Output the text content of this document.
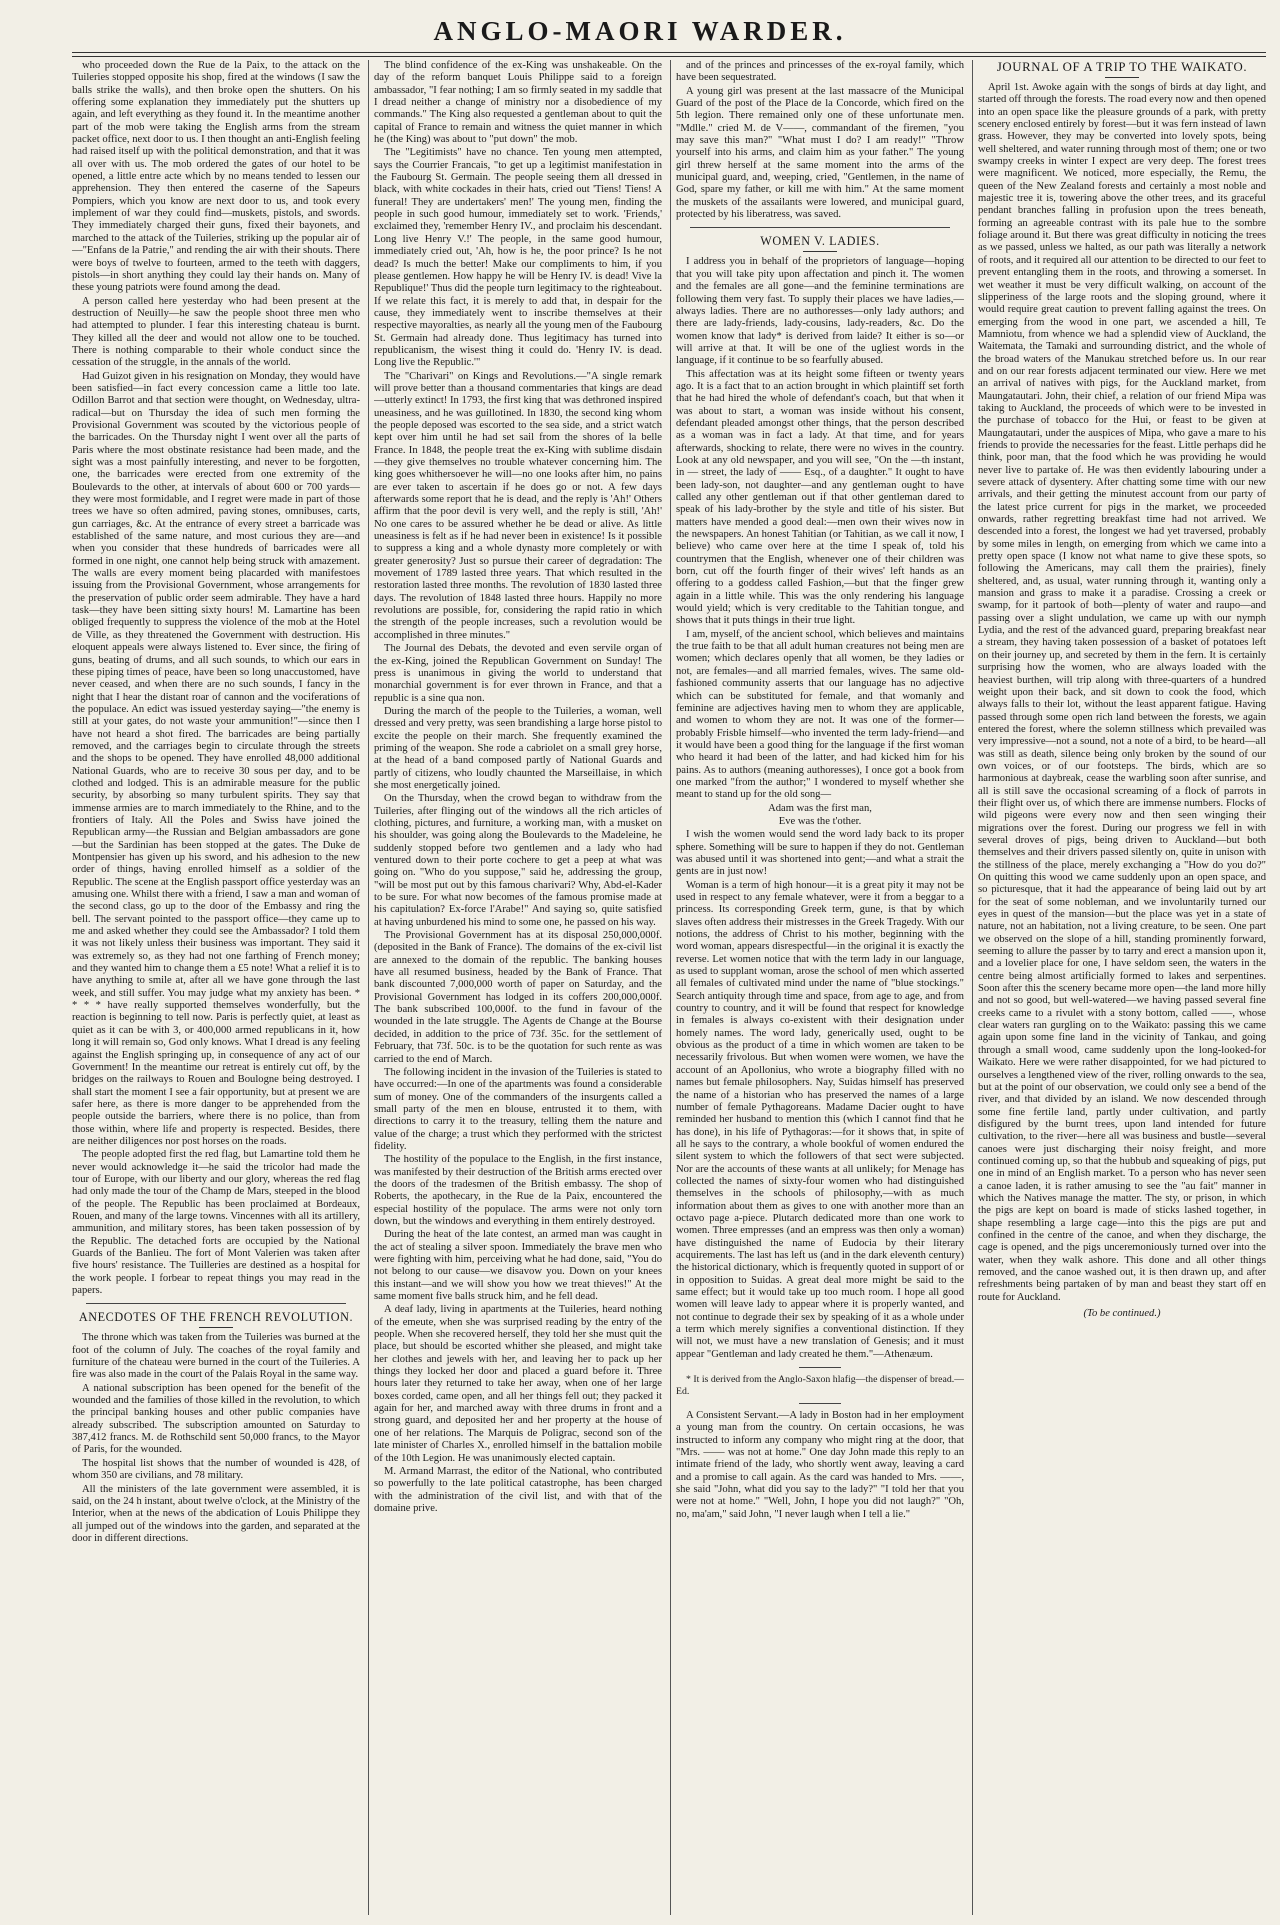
ANGLO-MAORI WARDER.

who proceeded down the Rue de la Paix, to the attack on the Tuileries stopped opposite his shop, fired at the windows (I saw the balls strike the walls), and then broke open the shutters. On his offering some explanation they immediately put the shutters up again, and left everything as they found it. In the meantime another part of the mob were taking the English arms from the stream packet office, next door to us. I then thought an anti-English feeling had raised itself up with the political demonstration, and that it was all over with us. The mob ordered the gates of our hotel to be opened, a little entre acte which by no means tended to lessen our apprehension. They then entered the caserne of the Sapeurs Pompiers, which you know are next door to us, and took every implement of war they could find—muskets, pistols, and swords. They immediately charged their guns, fixed their bayonets, and marched to the attack of the Tuileries, striking up the popular air of—"Enfans de la Patrie," and rending the air with their shouts. There were boys of twelve to fourteen, armed to the teeth with daggers, pistols—in short anything they could lay their hands on. Many of these young patriots were found among the dead.

A person called here yesterday who had been present at the destruction of Neuilly—he saw the people shoot three men who had attempted to plunder. I fear this interesting chateau is burnt. They killed all the deer and would not allow one to be touched. There is nothing comparable to their whole conduct since the cessation of the struggle, in the annals of the world.

Had Guizot given in his resignation on Monday, they would have been satisfied—in fact every concession came a little too late. Odillon Barrot and that section were thought, on Wednesday, ultra-radical—but on Thursday the idea of such men forming the Provisional Government was scouted by the victorious people of the barricades. On the Thursday night I went over all the parts of Paris where the most obstinate resistance had been made, and the sight was a most painfully interesting, and never to be forgotten, one, the barricades were erected from one extremity of the Boulevards to the other, at intervals of about 600 or 700 yards—they were most formidable, and I regret were made in part of those trees we have so often admired, paving stones, omnibuses, carts, gun carriages, &c. At the entrance of every street a barricade was established of the same nature, and most curious they are—and when you consider that these hundreds of barricades were all formed in one night, one cannot help being struck with amazement. The walls are every moment being placarded with manifestoes issuing from the Provisional Government, whose arrangements for the preservation of public order seem admirable. They have a hard task—they have been sitting sixty hours! M. Lamartine has been obliged frequently to suppress the violence of the mob at the Hotel de Ville, as they threatened the Government with destruction. His eloquent appeals were always listened to. Ever since, the firing of guns, beating of drums, and all such sounds, to which our ears in these piping times of peace, have been so long unaccustomed, have never ceased, and when there are no such sounds, I fancy in the night that I hear the distant roar of cannon and the vociferations of the populace. An edict was issued yesterday saying—"the enemy is still at your gates, do not waste your ammunition!"—since then I have not heard a shot fired. The barricades are being partially removed, and the carriages begin to circulate through the streets and the shops to be opened. They have enrolled 48,000 additional National Guards, who are to receive 30 sous per day, and to be clothed and lodged. This is an admirable measure for the public security, by absorbing so many turbulent spirits. They say that immense armies are to march immediately to the Rhine, and to the frontiers of Italy. All the Poles and Swiss have joined the Republican army—the Russian and Belgian ambassadors are gone—but the Sardinian has been stopped at the gates. The Duke de Montpensier has given up his sword, and his adhesion to the new order of things, having enrolled himself as a soldier of the Republic. The scene at the English passport office yesterday was an amusing one. Whilst there with a friend, I saw a man and woman of the second class, go up to the door of the Embassy and ring the bell. The servant pointed to the passport office—they came up to me and asked whether they could see the Ambassador? I told them it was not likely unless their business was important. They said it was extremely so, as they had not one farthing of French money; and they wanted him to change them a £5 note! What a relief it is to have anything to smile at, after all we have gone through the last week, and still suffer. You may judge what my anxiety has been. * * * * have really supported themselves wonderfully, but the reaction is beginning to tell now. Paris is perfectly quiet, at least as quiet as it can be with 3, or 400,000 armed republicans in it, how long it will remain so, God only knows. What I dread is any feeling against the English springing up, in consequence of any act of our Government! In the meantime our retreat is entirely cut off, by the bridges on the railways to Rouen and Boulogne being destroyed. I shall start the moment I see a fair opportunity, but at present we are safer here, as there is more danger to be apprehended from the people outside the barriers, where there is no police, than from those within, where life and property is respected. Besides, there are neither diligences nor post horses on the roads.

The people adopted first the red flag, but Lamartine told them he never would acknowledge it—he said the tricolor had made the tour of Europe, with our liberty and our glory, whereas the red flag had only made the tour of the Champ de Mars, steeped in the blood of the people. The Republic has been proclaimed at Bordeaux, Rouen, and many of the large towns. Vincennes with all its artillery, ammunition, and military stores, has been taken possession of by the Republic. The detached forts are occupied by the National Guards of the Banlieu. The fort of Mont Valerien was taken after five hours' resistance. The Tuilleries are destined as a hospital for the work people. I forbear to repeat things you may read in the papers.

ANECDOTES OF THE FRENCH REVOLUTION.

The throne which was taken from the Tuileries was burned at the foot of the column of July. The coaches of the royal family and furniture of the chateau were burned in the court of the Tuileries. A fire was also made in the court of the Palais Royal in the same way.

A national subscription has been opened for the benefit of the wounded and the families of those killed in the revolution, to which the principal banking houses and other public companies have already subscribed. The subscription amounted on Saturday to 387,412 francs. M. de Rothschild sent 50,000 francs, to the Mayor of Paris, for the wounded.

The hospital list shows that the number of wounded is 428, of whom 350 are civilians, and 78 military.

All the ministers of the late government were assembled, it is said, on the 24 h instant, about twelve o'clock, at the Ministry of the Interior, when at the news of the abdication of Louis Philippe they all jumped out of the windows into the garden, and separated at the door in different directions.

The blind confidence of the ex-King was unshakeable. On the day of the reform banquet Louis Philippe said to a foreign ambassador, "I fear nothing; I am so firmly seated in my saddle that I dread neither a change of ministry nor a disobedience of my commands." The King also requested a gentleman about to quit the capital of France to remain and witness the quiet manner in which he (the King) was about to "put down" the mob.

The "Legitimists" have no chance. Ten young men attempted, says the Courrier Francais, "to get up a legitimist manifestation in the Faubourg St. Germain. The people seeing them all dressed in black, with white cockades in their hats, cried out 'Tiens! Tiens! A funeral! They are undertakers' men!' The young men, finding the people in such good humour, immediately set to work. 'Friends,' exclaimed they, 'remember Henry IV., and proclaim his descendant. Long live Henry V.!' The people, in the same good humour, immediately cried out, 'Ah, how is he, the poor prince? Is he not dead? Is much the better! Make our compliments to him, if you please gentlemen. How happy he will be Henry IV. is dead! Vive la Republique!' Thus did the people turn legitimacy to the righteabout. If we relate this fact, it is merely to add that, in despair for the cause, they immediately went to inscribe themselves at their respective mayoralties, as nearly all the young men of the Faubourg St. Germain had already done. Thus legitimacy has turned into republicanism, the wisest thing it could do. 'Henry IV. is dead. Long live the Republic.'"

The "Charivari" on Kings and Revolutions.—"A single remark will prove better than a thousand commentaries that kings are dead—utterly extinct! In 1793, the first king that was dethroned inspired uneasiness, and he was guillotined. In 1830, the second king whom the people deposed was escorted to the sea side, and a strict watch kept over him until he had set sail from the shores of la belle France. In 1848, the people treat the ex-King with sublime disdain—they give themselves no trouble whatever concerning him. The king goes whithersoever he will—no one looks after him, no pains are ever taken to ascertain if he does go or not. A few days afterwards some report that he is dead, and the reply is 'Ah!' Others affirm that the poor devil is very well, and the reply is still, 'Ah!' No one cares to be assured whether he be dead or alive. As little uneasiness is felt as if he had never been in existence! Is it possible to suppress a king and a whole dynasty more completely or with greater generosity? Just so pursue their career of degradation: The movement of 1789 lasted three years. That which resulted in the restoration lasted three months. The revolution of 1830 lasted three days. The revolution of 1848 lasted three hours. Happily no more revolutions are possible, for, considering the rapid ratio in which the strength of the people increases, such a revolution would be accomplished in three minutes."

The Journal des Debats, the devoted and even servile organ of the ex-King, joined the Republican Government on Sunday! The press is unanimous in giving the world to understand that monarchial government is for ever thrown in France, and that a republic is a sine qua non.

During the march of the people to the Tuileries, a woman, well dressed and very pretty, was seen brandishing a large horse pistol to excite the people on their march. She frequently examined the priming of the weapon. She rode a cabriolet on a small grey horse, at the head of a band composed partly of National Guards and partly of citizens, who loudly chaunted the Marseillaise, in which she most energetically joined.

On the Thursday, when the crowd began to withdraw from the Tuileries, after flinging out of the windows all the rich articles of clothing, pictures, and furniture, a working man, with a musket on his shoulder, was going along the Boulevards to the Madeleine, he suddenly stopped before two gentlemen and a lady who had ventured down to their porte cochere to get a peep at what was going on. "Who do you suppose," said he, addressing the group, "will be most put out by this famous charivari? Why, Abd-el-Kader to be sure. For what now becomes of the famous promise made at his capitulation? Ex-force l'Arabe!" And saying so, quite satisfied at having unburdened his mind to some one, he passed on his way.

The Provisional Government has at its disposal 250,000,000f. (deposited in the Bank of France). The domains of the ex-civil list are annexed to the domain of the republic. The banking houses have all resumed business, headed by the Bank of France. That bank discounted 7,000,000 worth of paper on Saturday, and the Provisional Government has lodged in its coffers 200,000,000f. The bank subscribed 100,000f. to the fund in favour of the wounded in the late struggle. The Agents de Change at the Bourse decided, in addition to the price of 73f. 35c. for the settlement of February, that 73f. 50c. is to be the quotation for such rente as was carried to the end of March.

The following incident in the invasion of the Tuileries is stated to have occurred:—In one of the apartments was found a considerable sum of money. One of the commanders of the insurgents called a small party of the men en blouse, entrusted it to them, with directions to carry it to the treasury, telling them the nature and value of the charge; a trust which they performed with the strictest fidelity.

The hostility of the populace to the English, in the first instance, was manifested by their destruction of the British arms erected over the doors of the tradesmen of the British embassy. The shop of Roberts, the apothecary, in the Rue de la Paix, encountered the especial hostility of the populace. The arms were not only torn down, but the windows and everything in them entirely destroyed.

During the heat of the late contest, an armed man was caught in the act of stealing a silver spoon. Immediately the brave men who were fighting with him, perceiving what he had done, said, "You do not belong to our cause—we disavow you. Down on your knees this instant—and we will show you how we treat thieves!" At the same moment five balls struck him, and he fell dead.

A deaf lady, living in apartments at the Tuileries, heard nothing of the emeute, when she was surprised reading by the entry of the people. When she recovered herself, they told her she must quit the place, but should be escorted whither she pleased, and might take her clothes and jewels with her, and leaving her to pack up her things they locked her door and placed a guard before it. Three hours later they returned to take her away, when one of her large boxes corded, came open, and all her things fell out; they packed it again for her, and marched away with three drums in front and a strong guard, and deposited her and her property at the house of one of her relations. The Marquis de Poligrac, second son of the late minister of Charles X., enrolled himself in the battalion mobile of the 10th Legion. He was unanimously elected captain.

M. Armand Marrast, the editor of the National, who contributed so powerfully to the late political catastrophe, has been charged with the administration of the civil list, and with that of the domaine prive.

and of the princes and princesses of the ex-royal family, which have been sequestrated.

A young girl was present at the last massacre of the Municipal Guard of the post of the Place de la Concorde, which fired on the 5th legion. There remained only one of these unfortunate men. "Mdlle." cried M. de V——, commandant of the firemen, "you may save this man?" "What must I do? I am ready!" "Throw yourself into his arms, and claim him as your father." The young girl threw herself at the same moment into the arms of the municipal guard, and, weeping, cried, "Gentlemen, in the name of God, spare my father, or kill me with him." At the same moment the muskets of the assailants were lowered, and municipal guard, protected by his liberatress, was saved.

WOMEN V. LADIES.

I address you in behalf of the proprietors of language—hoping that you will take pity upon affectation and pinch it. The women and the females are all gone—and the feminine terminations are following them very fast. To supply their places we have ladies,—always ladies. There are no authoresses—only lady authors; and there are lady-friends, lady-cousins, lady-readers, &c. Do the women know that lady* is derived from laide? It either is so—or will arrive at that. It will be one of the ugliest words in the language, if it continue to be so fearfully abused.

This affectation was at its height some fifteen or twenty years ago. It is a fact that to an action brought in which plaintiff set forth that he had hired the whole of defendant's coach, but that when it was about to start, a woman was inside without his consent, defendant pleaded amongst other things, that the person described as a woman was in fact a lady. At that time, and for years afterwards, shocking to relate, there were no wives in the country. Look at any old newspaper, and you will see, "On the —th instant, in — street, the lady of —— Esq., of a daughter." It ought to have been lady-son, not daughter—and any gentleman ought to have called any other gentleman out if that other gentleman dared to speak of his lady-brother by the style and title of his sister. But matters have mended a good deal:—men own their wives now in the newspapers. An honest Tahitian (or Tahitian, as we call it now, I believe) who came over here at the time I speak of, told his countrymen that the English, whenever one of their children was born, cut off the fourth finger of their wives' left hands as an offering to a goddess called Fashion,—but that the finger grew again in a little while. This was the only rendering his language would yield; which is very creditable to the Tahitian tongue, and shows that it puts things in their true light.

I am, myself, of the ancient school, which believes and maintains the true faith to be that all adult human creatures not being men are women; which declares openly that all women, be they ladies or not, are females—and all married females, wives. The same old-fashioned community asserts that our language has no adjective which can be substituted for female, and that womanly and feminine are adjectives having men to whom they are applicable, and women to whom they are not. It was one of the former—probably Frisble himself—who invented the term lady-friend—and it would have been a good thing for the language if the first woman who heard it had been of the latter, and had kicked him for his pains. As to authors (meaning authoresses), I once got a book from one marked "from the author;" I wondered to myself whether she meant to stand up for the old song—

Adam was the first man,

Eve was the t'other.

I wish the women would send the word lady back to its proper sphere. Something will be sure to happen if they do not. Gentleman was abused until it was shortened into gent;—and what a strait the gents are in just now!

Woman is a term of high honour—it is a great pity it may not be used in respect to any female whatever, were it from a beggar to a princess. Its corresponding Greek term, gunе, is that by which slaves often address their mistresses in the Greek Tragedy. With our notions, the address of Christ to his mother, beginning with the word woman, appears disrespectful—in the original it is exactly the reverse. Let women notice that with the term lady in our language, as used to supplant woman, arose the school of men which asserted all females of cultivated mind under the name of "blue stockings." Search antiquity through time and space, from age to age, and from country to country, and it will be found that respect for knowledge in females is always co-existent with their designation under homely names. The word lady, generically used, ought to be obvious as the product of a time in which women are taken to be necessarily frivolous. But when women were women, we have the account of an Apollonius, who wrote a biography filled with no names but female philosophers. Nay, Suidas himself has preserved the name of a historian who has preserved the names of a large number of female Pythagoreans. Madame Dacier ought to have reminded her husband to mention this (which I cannot find that he has done), in his life of Pythagoras:—for it shows that, in spite of all he says to the contrary, a whole bookful of women endured the silent system to which the followers of that sect were subjected. Nor are the accounts of these wants at all unlikely; for Menage has collected the names of sixty-four women who had distinguished themselves in the schools of philosophy,—with as much information about them as gives to one with another more than an octavo page a-piece. Plutarch dedicated more than one work to women. Three empresses (and an empress was then only a woman) have distinguished the name of Eudocia by their literary acquirements. The last has left us (and in the dark eleventh century) the historical dictionary, which is frequently quoted in support of or in opposition to Suidas. A great deal more might be said to the same effect; but it would take up too much room. I hope all good women will leave lady to appear where it is properly wanted, and not continue to degrade their sex by speaking of it as a whole under a term which merely signifies a conventional distinction. If they will not, we must have a new translation of Genesis; and it must appear "Gentleman and lady created he them."—Athenæum.

* It is derived from the Anglo-Saxon hlafig—the dispenser of bread.—Ed.

A Consistent Servant.—A lady in Boston had in her employment a young man from the country. On certain occasions, he was instructed to inform any company who might ring at the door, that "Mrs. —— was not at home." One day John made this reply to an intimate friend of the lady, who shortly went away, leaving a card and a promise to call again. As the card was handed to Mrs. ——, she said "John, what did you say to the lady?" "I told her that you were not at home." "Well, John, I hope you did not laugh?" "Oh, no, ma'am," said John, "I never laugh when I tell a lie."

JOURNAL OF A TRIP TO THE WAIKATO.

April 1st. Awoke again with the songs of birds at day light, and started off through the forests. The road every now and then opened into an open space like the pleasure grounds of a park, with pretty scenery enclosed entirely by forest—but it was fern instead of lawn grass. However, they may be converted into lovely spots, being well sheltered, and water running through most of them; one or two swampy creeks in winter I expect are very deep. The forest trees were magnificent. We noticed, more especially, the Remu, the queen of the New Zealand forests and certainly a most noble and majestic tree it is, towering above the other trees, and its graceful pendant branches falling in profusion upon the trees beneath, forming an agreeable contrast with its pale hue to the sombre foliage around it. But there was great difficulty in noticing the trees as we passed, unless we halted, as our path was literally a network of roots, and it required all our attention to be directed to our feet to prevent entangling them in the roots, and throwing a somerset. In wet weather it must be very difficult walking, on account of the slipperiness of the large roots and the sloping ground, where it would require great caution to prevent falling against the trees. On emerging from the wood in one part, we ascended a hill, Te Mamniotu, from whence we had a splendid view of Auckland, the Waitemata, the Tamaki and surrounding district, and the whole of the broad waters of the Manukau stretched before us. In our rear and on our rear forests adjacent terminated our view. Here we met an arrival of natives with pigs, for the Auckland market, from Maungatautari. John, their chief, a relation of our friend Mipa was taking to Auckland, the proceeds of which were to be invested in the purchase of tobacco for the Hui, or feast to be given at Maungatautari, under the auspices of Mipa, who gave a mare to his friends to provide the necessaries for the feast. Little perhaps did he think, poor man, that the food which he was providing he would never live to partake of. He was then evidently labouring under a severe attack of dysentery. After chatting some time with our new arrivals, and their getting the minutest account from our party of the latest price current for pigs in the market, we proceeded onwards, rather regretting breakfast time had not arrived. We descended into a forest, the longest we had yet traversed, probably by some miles in length, on emerging from which we came into a pretty open space (I know not what name to give these spots, so following the Americans, may call them the prairies), finely sheltered, and, as usual, water running through it, wanting only a mansion and grass to make it a paradise. Crossing a creek or swamp, for it partook of both—plenty of water and raupo—and passing over a slight undulation, we came up with our nymph Lydia, and the rest of the advanced guard, preparing breakfast near a stream, they having taken possession of a basket of potatoes left on their journey up, and secreted by them in the fern. It is certainly surprising how the women, who are always loaded with the heaviest burthen, will trip along with three-quarters of a hundred weight upon their back, and sit down to cook the food, which always falls to their lot, without the least apparent fatigue. Having passed through some open rich land between the forests, we again entered the forest, where the solemn stillness which prevailed was very impressive—not a sound, not a note of a bird, to be heard—all was still as death, silence being only broken by the sound of our own voices, or of our footsteps. The birds, which are so harmonious at daybreak, cease the warbling soon after sunrise, and all is still save the occasional screaming of a flock of parrots in their flight over us, of which there are immense numbers. Flocks of wild pigeons were every now and then seen winging their migrations over the forest. During our progress we fell in with several droves of pigs, being driven to Auckland—but both themselves and their drivers passed silently on, quite in unison with the stillness of the place, merely exchanging a "How do you do?" On quitting this wood we came suddenly upon an open space, and so picturesque, that it had the appearance of being laid out by art for the seat of some nobleman, and we involuntarily turned our eyes in quest of the mansion—but the place was yet in a state of nature, not an habitation, not a living creature, to be seen. One part we observed on the slope of a hill, standing prominently forward, seeming to allure the passer by to tarry and erect a mansion upon it, and a lovelier place for one, I have seldom seen, the waters in the centre being almost artificially formed to lakes and serpentines. Soon after this the scenery became more open—the land more hilly and not so good, but well-watered—we having passed several fine creeks came to a rivulet with a stony bottom, called ——, whose clear waters ran gurgling on to the Waikato: passing this we came again upon some fine land in the vicinity of Tankau, and going through a small wood, came suddenly upon the long-looked-for Waikato. Here we were rather disappointed, for we had pictured to ourselves a lengthened view of the river, rolling onwards to the sea, but at the point of our observation, we could only see a bend of the river, and that divided by an island. We now descended through some fine fertile land, partly under cultivation, and partly disfigured by the burnt trees, upon land intended for future cultivation, to the river—here all was business and bustle—several canoes were just discharging their noisy freight, and more continued coming up, so that the hubbub and squeaking of pigs, put one in mind of an English market. To a person who has never seen a canoe laden, it is rather amusing to see the "au fait" manner in which the Natives manage the matter. The sty, or prison, in which the pigs are kept on board is made of sticks lashed together, in shape resembling a large cage—into this the pigs are put and confined in the centre of the canoe, and when they discharge, the cage is opened, and the pigs unceremoniously turned over into the water, when they walk ashore. This done and all other things removed, and the canoe washed out, it is then drawn up, and after refreshments being partaken of by man and beast they start off en route for Auckland.

(To be continued.)
